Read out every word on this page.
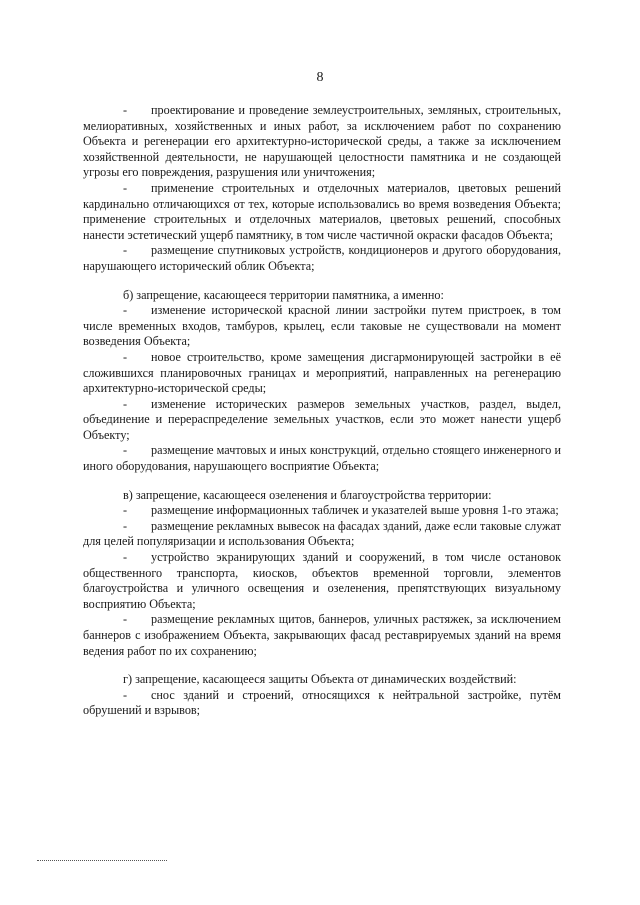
8

- проектирование и проведение землеустроительных, земляных, строительных, мелиоративных, хозяйственных и иных работ, за исключением работ по сохранению Объекта и регенерации его архитектурно-исторической среды, а также за исключением хозяйственной деятельности, не нарушающей целостности памятника и не создающей угрозы его повреждения, разрушения или уничтожения;

- применение строительных и отделочных материалов, цветовых решений кардинально отличающихся от тех, которые использовались во время возведения Объекта; применение строительных и отделочных материалов, цветовых решений, способных нанести эстетический ущерб памятнику, в том числе частичной окраски фасадов Объекта;

- размещение спутниковых устройств, кондиционеров и другого оборудования, нарушающего исторический облик Объекта;

б) запрещение, касающееся территории памятника, а именно:

- изменение исторической красной линии застройки путем пристроек, в том числе временных входов, тамбуров, крылец, если таковые не существовали на момент возведения Объекта;

- новое строительство, кроме замещения дисгармонирующей застройки в её сложившихся планировочных границах и мероприятий, направленных на регенерацию архитектурно-исторической среды;

- изменение исторических размеров земельных участков, раздел, выдел, объединение и перераспределение земельных участков, если это может нанести ущерб Объекту;

- размещение мачтовых и иных конструкций, отдельно стоящего инженерного и иного оборудования, нарушающего восприятие Объекта;

в) запрещение, касающееся озеленения и благоустройства территории:

- размещение информационных табличек и указателей выше уровня 1-го этажа;

- размещение рекламных вывесок на фасадах зданий, даже если таковые служат для целей популяризации и использования Объекта;

- устройство экранирующих зданий и сооружений, в том числе остановок общественного транспорта, киосков, объектов временной торговли, элементов благоустройства и уличного освещения и озеленения, препятствующих визуальному восприятию Объекта;

- размещение рекламных щитов, баннеров, уличных растяжек, за исключением баннеров с изображением Объекта, закрывающих фасад реставрируемых зданий на время ведения работ по их сохранению;

г) запрещение, касающееся защиты Объекта от динамических воздействий:

- снос зданий и строений, относящихся к нейтральной застройке, путём обрушений и взрывов;
